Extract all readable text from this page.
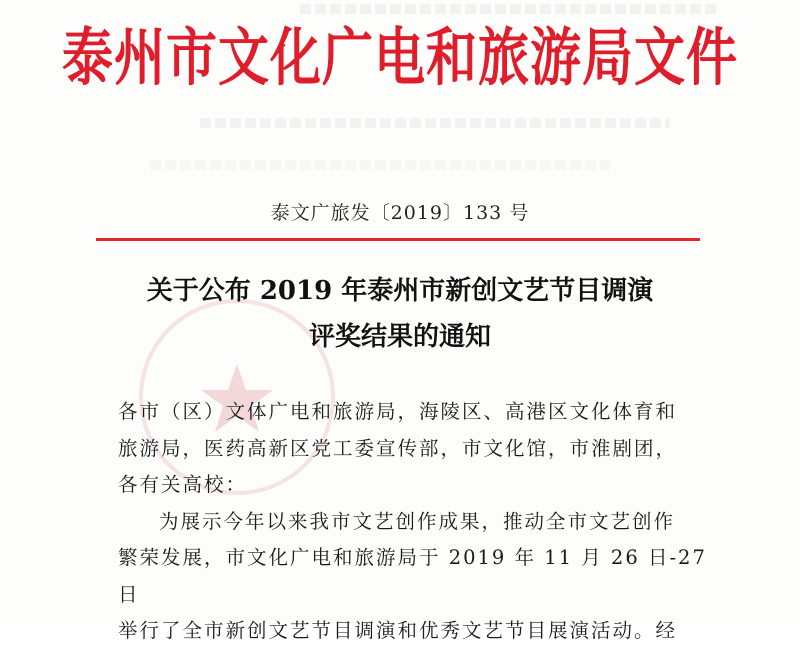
泰州市文化广电和旅游局文件
泰文广旅发〔2019〕133 号
关于公布 2019 年泰州市新创文艺节目调演
评奖结果的通知

各市（区）文体广电和旅游局，海陵区、高港区文化体育和

旅游局，医药高新区党工委宣传部，市文化馆，市淮剧团，

各有关高校：

为展示今年以来我市文艺创作成果，推动全市文艺创作

繁荣发展，市文化广电和旅游局于 2019 年 11 月 26 日-27 日

举行了全市新创文艺节目调演和优秀文艺节目展演活动。经
